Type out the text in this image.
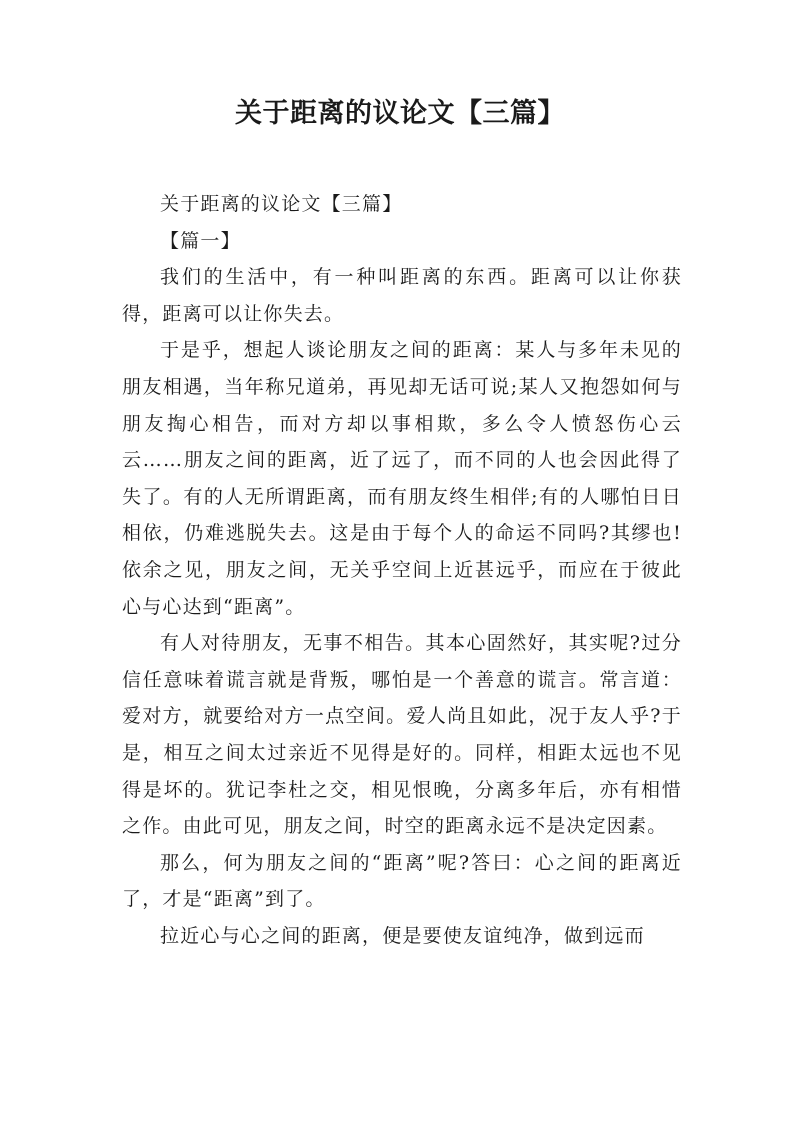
关于距离的议论文【三篇】

关于距离的议论文【三篇】

【篇一】

我们的生活中，有一种叫距离的东西。距离可以让你获得，距离可以让你失去。

于是乎，想起人谈论朋友之间的距离：某人与多年未见的朋友相遇，当年称兄道弟，再见却无话可说;某人又抱怨如何与朋友掏心相告，而对方却以事相欺，多么令人愤怒伤心云云……朋友之间的距离，近了远了，而不同的人也会因此得了失了。有的人无所谓距离，而有朋友终生相伴;有的人哪怕日日相依，仍难逃脱失去。这是由于每个人的命运不同吗?其缪也!依余之见，朋友之间，无关乎空间上近甚远乎，而应在于彼此心与心达到“距离”。

有人对待朋友，无事不相告。其本心固然好，其实呢?过分信任意味着谎言就是背叛，哪怕是一个善意的谎言。常言道：爱对方，就要给对方一点空间。爱人尚且如此，况于友人乎?于是，相互之间太过亲近不见得是好的。同样，相距太远也不见得是坏的。犹记李杜之交，相见恨晚，分离多年后，亦有相惜之作。由此可见，朋友之间，时空的距离永远不是决定因素。

那么，何为朋友之间的“距离”呢?答曰：心之间的距离近了，才是“距离”到了。

拉近心与心之间的距离，便是要使友谊纯净，做到远而
